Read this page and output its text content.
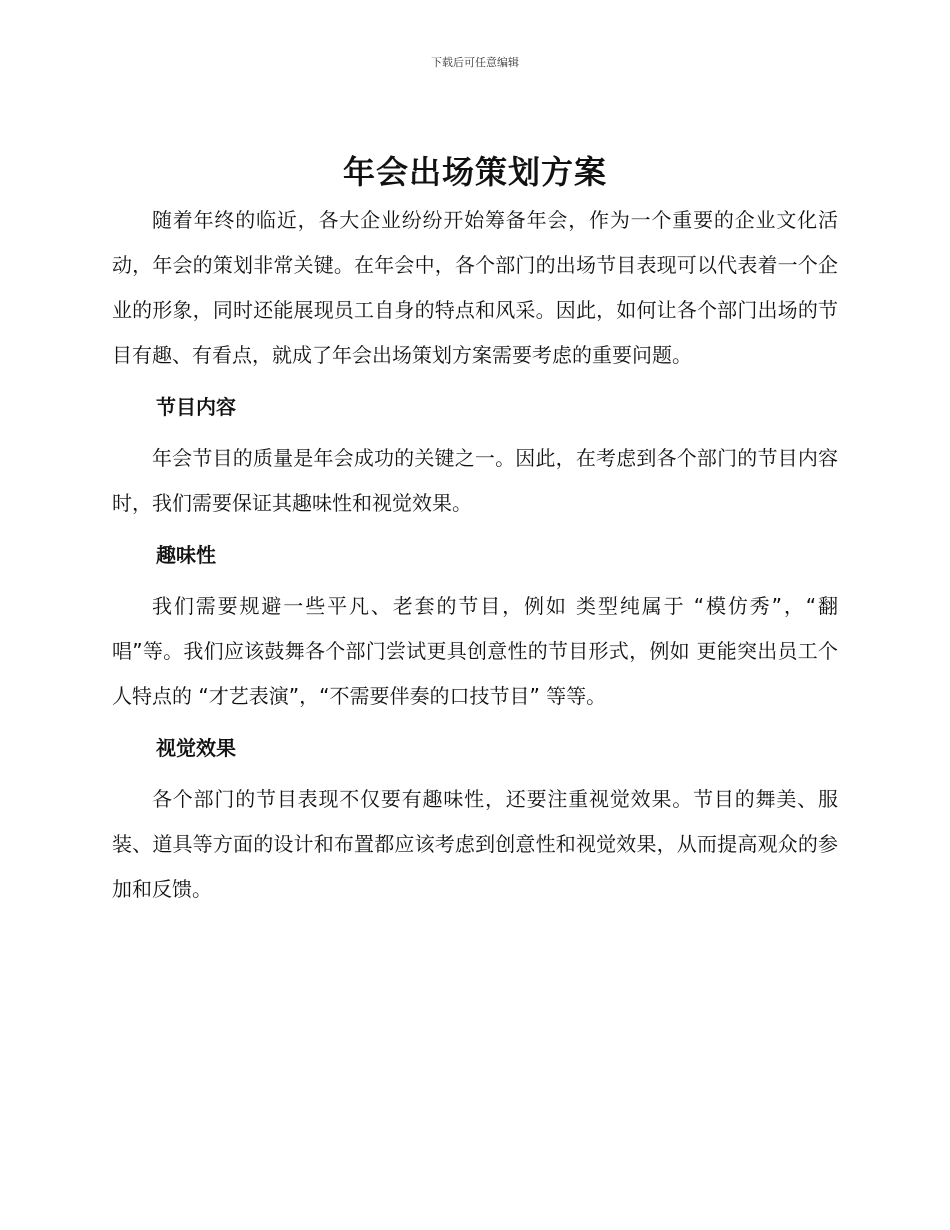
下载后可任意编辑
年会出场策划方案

随着年终的临近，各大企业纷纷开始筹备年会，作为一个重要的企业文化活动，年会的策划非常关键。在年会中，各个部门的出场节目表现可以代表着一个企业的形象，同时还能展现员工自身的特点和风采。因此，如何让各个部门出场的节目有趣、有看点，就成了年会出场策划方案需要考虑的重要问题。

节目内容

年会节目的质量是年会成功的关键之一。因此，在考虑到各个部门的节目内容时，我们需要保证其趣味性和视觉效果。

趣味性

我们需要规避一些平凡、老套的节目，例如 类型纯属于 “模仿秀”，“翻唱”等。我们应该鼓舞各个部门尝试更具创意性的节目形式，例如 更能突出员工个人特点的 “才艺表演”，“不需要伴奏的口技节目” 等等。

视觉效果

各个部门的节目表现不仅要有趣味性，还要注重视觉效果。节目的舞美、服装、道具等方面的设计和布置都应该考虑到创意性和视觉效果，从而提高观众的参加和反馈。
